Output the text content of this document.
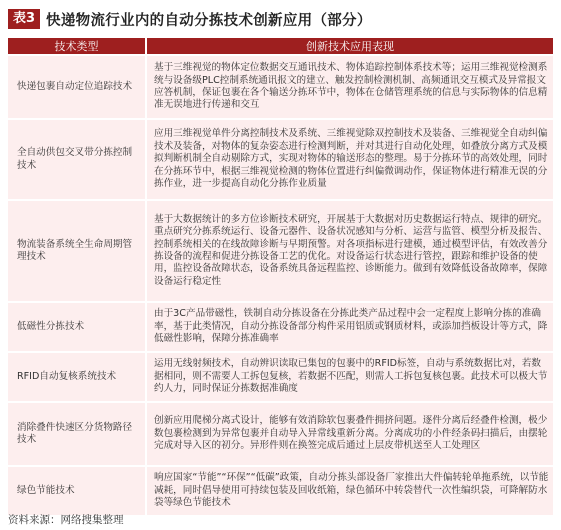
表3 快递物流行业内的自动分拣技术创新应用（部分）
技术类型	创新技术应用表现
快递包裹自动定位追踪技术	基于三维视觉的物体定位数据交互通讯技术、物体追踪控制体系技术等；运用三维视觉检测系统与设备级PLC控制系统通讯报文的建立、触发控制检测机制、高频通讯交互模式及异常报文应答机制，保证包裹在各个输送分拣环节中，物体在仓储管理系统的信息与实际物体的信息精准无误地进行传递和交互
全自动供包交叉带分拣控制技术	应用三维视觉单件分离控制技术及系统、三维视觉除双控制技术及装备、三维视觉全自动纠偏技术及装备，对物体的复杂姿态进行检测判断，并对其进行自动化处理，如叠放分离方式及模拟判断机制全自动剔除方式，实现对物体的输送形态的整理。易于分拣环节的高效处理，同时在分拣环节中，根据三维视觉检测的物体位置进行纠偏微调动作，保证物体进行精准无误的分拣作业，进一步提高自动化分拣作业质量
物流装备系统全生命周期管理技术	基于大数据统计的多方位诊断技术研究，开展基于大数据对历史数据运行特点、规律的研究。重点研究分拣系统运行、设备元器件、设备状况感知与分析、运营与监管、模型分析及报告、控制系统相关的在线故障诊断与早期预警。对各项指标进行建模，通过模型评估，有效改善分拣设备的流程和促进分拣设备工艺的优化。对设备运行状态进行管控，跟踪和维护设备的使用，监控设备故障状态，设备系统具备远程监控、诊断能力。做到有效降低设备故障率，保障设备运行稳定性
低磁性分拣技术	由于3C产品带磁性，铁制自动分拣设备在分拣此类产品过程中会一定程度上影响分拣的准确率，基于此类情况，自动分拣设备部分构件采用铝质或钢质材料，或添加挡板设计等方式，降低磁性影响，保障分拣准确率
RFID自动复核系统技术	运用无线射频技术，自动辨识读取已集包的包裹中的RFID标签，自动与系统数据比对，若数据相同，则不需要人工拆包复核，若数据不匹配，则需人工拆包复核包裹。此技术可以极大节约人力，同时保证分拣数据准确度
消除叠件快速区分货物路径技术	创新应用爬梯分离式设计，能够有效消除软包裹叠件拥挤问题。逐件分离后经叠件检测，极少数包裹检测到为异常包裹并自动导入异常线重新分离。分离成功的小件经条码扫描后，由摆轮完成对导入区的初分。异形件则在换签完成后通过上层皮带机送至人工处理区
绿色节能技术	响应国家“节能”“环保”“低碳”政策，自动分拣头部设备厂家推出大件偏转轮单拖系统，以节能减耗，同时倡导使用可持续包装及回收纸箱，绿色循环中转袋替代一次性编织袋，可降解防水袋等绿色节能技术
资料来源：网络搜集整理
